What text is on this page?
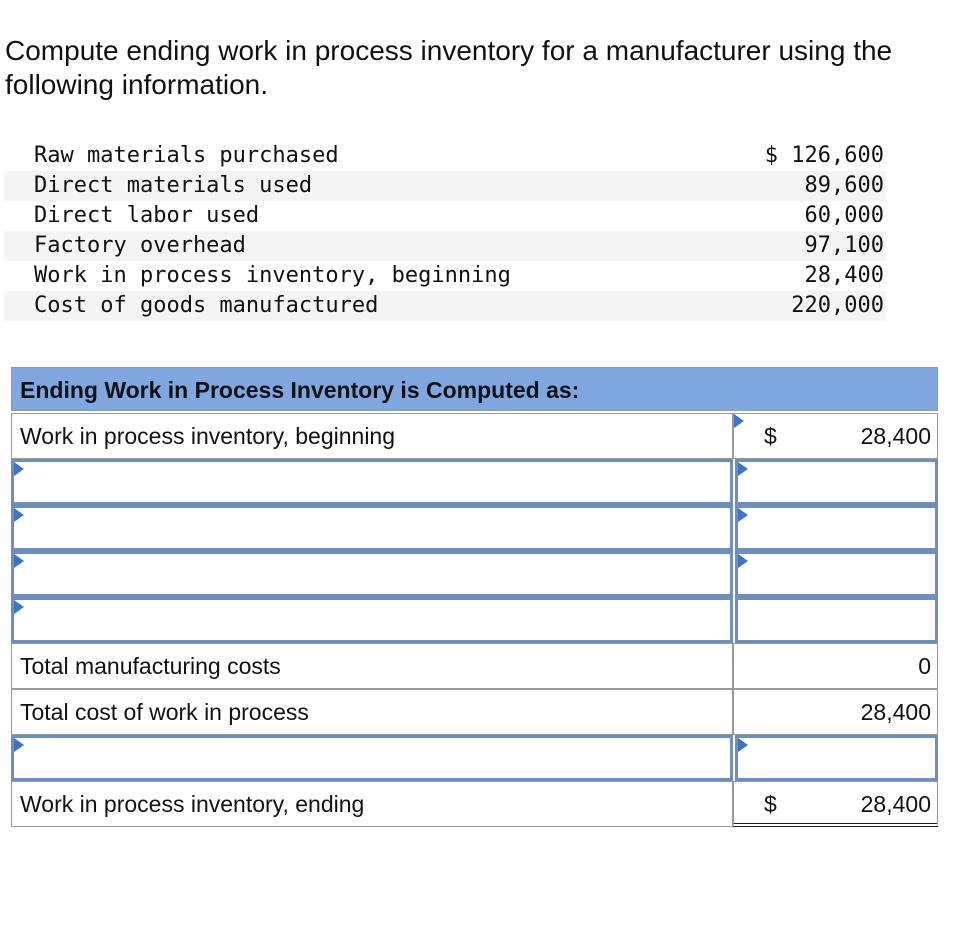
Compute ending work in process inventory for a manufacturer using the following information.

Raw materials purchased	$ 126,600
Direct materials used	89,600
Direct labor used	60,000
Factory overhead	97,100
Work in process inventory, beginning	28,400
Cost of goods manufactured	220,000
Ending Work in Process Inventory is Computed as:
Work in process inventory, beginning	$	28,400
Total manufacturing costs	0
Total cost of work in process	28,400
Work in process inventory, ending	$	28,400
